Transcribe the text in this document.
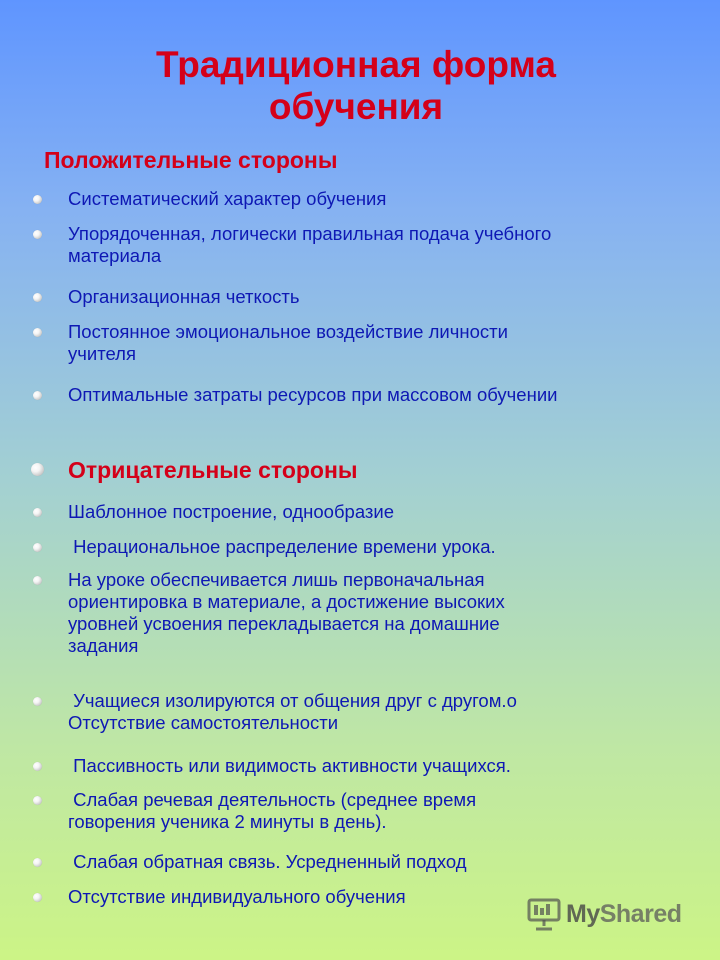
Традиционная форма
обучения
Положительные стороны
Систематический характер обучения
Упорядоченная, логически правильная подача учебного
материала
Организационная четкость
Постоянное эмоциональное воздействие личности
учителя
Оптимальные затраты ресурсов при массовом обучении
Отрицательные стороны
Шаблонное построение, однообразие
Нерациональное распределение времени урока.
На уроке обеспечивается лишь первоначальная
ориентировка в материале, а достижение высоких
уровней усвоения перекладывается на домашние
задания
Учащиеся изолируются от общения друг с другом.o
Отсутствие самостоятельности
Пассивность или видимость активности учащихся.
Слабая речевая деятельность (среднее время
говорения ученика 2 минуты в день).
Слабая обратная связь. Усредненный подход
Отсутствие индивидуального обучения
MyShared
